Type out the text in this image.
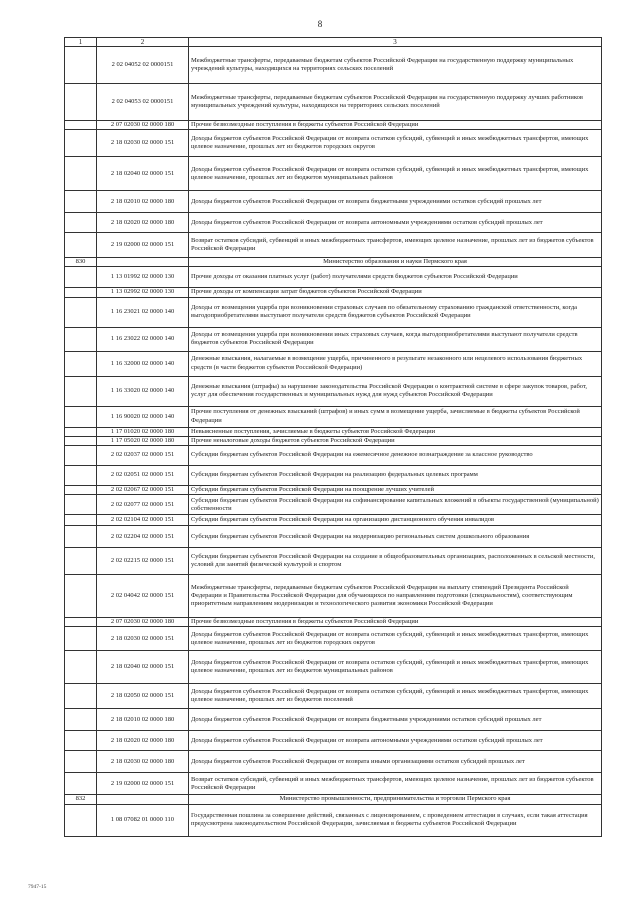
8
1	2	3
	2 02 04052 02 0000151	Межбюджетные трансферты, передаваемые бюджетам субъектов Российской Федерации на государственную поддержку муниципальных учреждений культуры, находящихся на территориях сельских поселений
	2 02 04053 02 0000151	Межбюджетные трансферты, передаваемые бюджетам субъектов Российской Федерации на государственную поддержку лучших работников муниципальных учреждений культуры, находящихся на территориях сельских поселений
	2 07 02030 02 0000 180	Прочие безвозмездные поступления в бюджеты субъектов Российской Федерации
	2 18 02030 02 0000 151	Доходы бюджетов субъектов Российской Федерации от возврата остатков субсидий, субвенций и иных межбюджетных трансфертов, имеющих целевое назначение, прошлых лет из бюджетов городских округов
	2 18 02040 02 0000 151	Доходы бюджетов субъектов Российской Федерации от возврата остатков субсидий, субвенций и иных межбюджетных трансфертов, имеющих целевое назначение, прошлых лет из бюджетов муниципальных районов
	2 18 02010 02 0000 180	Доходы бюджетов субъектов Российской Федерации от возврата бюджетными учреждениями остатков субсидий прошлых лет
	2 18 02020 02 0000 180	Доходы бюджетов субъектов Российской Федерации от возврата автономными учреждениями остатков субсидий прошлых лет
	2 19 02000 02 0000 151	Возврат остатков субсидий, субвенций и иных межбюджетных трансфертов, имеющих целевое назначение, прошлых лет из бюджетов субъектов Российской Федерации
830		Министерство образования и науки Пермского края
	1 13 01992 02 0000 130	Прочие доходы от оказания платных услуг (работ) получателями средств бюджетов субъектов Российской Федерации
	1 13 02992 02 0000 130	Прочие доходы от компенсации затрат бюджетов субъектов Российской Федерации
	1 16 23021 02 0000 140	Доходы от возмещения ущерба при возникновении страховых случаев по обязательному страхованию гражданской ответственности, когда выгодоприобретателями выступают получатели средств бюджетов субъектов Российской Федерации
	1 16 23022 02 0000 140	Доходы от возмещения ущерба при возникновении иных страховых случаев, когда выгодоприобретателями выступают получатели средств бюджетов субъектов Российской Федерации
	1 16 32000 02 0000 140	Денежные взыскания, налагаемые в возмещение ущерба, причиненного в результате незаконного или нецелевого использования бюджетных средств (в части бюджетов субъектов Российской Федерации)
	1 16 33020 02 0000 140	Денежные взыскания (штрафы) за нарушение законодательства Российской Федерации о контрактной системе в сфере закупок товаров, работ, услуг для обеспечения государственных и муниципальных нужд для нужд субъектов Российской Федерации
	1 16 90020 02 0000 140	Прочие поступления от денежных взысканий (штрафов) и иных сумм в возмещение ущерба, зачисляемые в бюджеты субъектов Российской Федерации
	1 17 01020 02 0000 180	Невыясненные поступления, зачисляемые в бюджеты субъектов Российской Федерации
	1 17 05020 02 0000 180	Прочие неналоговые доходы бюджетов субъектов Российской Федерации
	2 02 02037 02 0000 151	Субсидии бюджетам субъектов Российской Федерации на ежемесячное денежное вознаграждение за классное руководство
	2 02 02051 02 0000 151	Субсидии бюджетам субъектов Российской Федерации на реализацию федеральных целевых программ
	2 02 02067 02 0000 151	Субсидии бюджетам субъектов Российской Федерации на поощрение лучших учителей
	2 02 02077 02 0000 151	Субсидии бюджетам субъектов Российской Федерации на софинансирование капитальных вложений в объекты государственной (муниципальной) собственности
	2 02 02104 02 0000 151	Субсидии бюджетам субъектов Российской Федерации на организацию дистанционного обучения инвалидов
	2 02 02204 02 0000 151	Субсидии бюджетам субъектов Российской Федерации на модернизацию региональных систем дошкольного образования
	2 02 02215 02 0000 151	Субсидии бюджетам субъектов Российской Федерации на создание в общеобразовательных организациях, расположенных в сельской местности, условий для занятий физической культурой и спортом
	2 02 04042 02 0000 151	Межбюджетные трансферты, передаваемые бюджетам субъектов Российской Федерации на выплату стипендий Президента Российской Федерации и Правительства Российской Федерации для обучающихся по направлениям подготовки (специальностям), соответствующим приоритетным направлениям модернизации и технологического развития экономики Российской Федерации
	2 07 02030 02 0000 180	Прочие безвозмездные поступления в бюджеты субъектов Российской Федерации
	2 18 02030 02 0000 151	Доходы бюджетов субъектов Российской Федерации от возврата остатков субсидий, субвенций и иных межбюджетных трансфертов, имеющих целевое назначение, прошлых лет из бюджетов городских округов
	2 18 02040 02 0000 151	Доходы бюджетов субъектов Российской Федерации от возврата остатков субсидий, субвенций и иных межбюджетных трансфертов, имеющих целевое назначение, прошлых лет из бюджетов муниципальных районов
	2 18 02050 02 0000 151	Доходы бюджетов субъектов Российской Федерации от возврата остатков субсидий, субвенций и иных межбюджетных трансфертов, имеющих целевое назначение, прошлых лет из бюджетов поселений
	2 18 02010 02 0000 180	Доходы бюджетов субъектов Российской Федерации от возврата бюджетными учреждениями остатков субсидий прошлых лет
	2 18 02020 02 0000 180	Доходы бюджетов субъектов Российской Федерации от возврата автономными учреждениями остатков субсидий прошлых лет
	2 18 02030 02 0000 180	Доходы бюджетов субъектов Российской Федерации от возврата иными организациями остатков субсидий прошлых лет
	2 19 02000 02 0000 151	Возврат остатков субсидий, субвенций и иных межбюджетных трансфертов, имеющих целевое назначение, прошлых лет из бюджетов субъектов Российской Федерации
832		Министерство промышленности, предпринимательства и торговли Пермского края
	1 08 07082 01 0000 110	Государственная пошлина за совершение действий, связанных с лицензированием, с проведением аттестации в случаях, если такая аттестация предусмотрена законодательством Российской Федерации, зачисляемая в бюджеты субъектов Российской Федерации
7947-15
